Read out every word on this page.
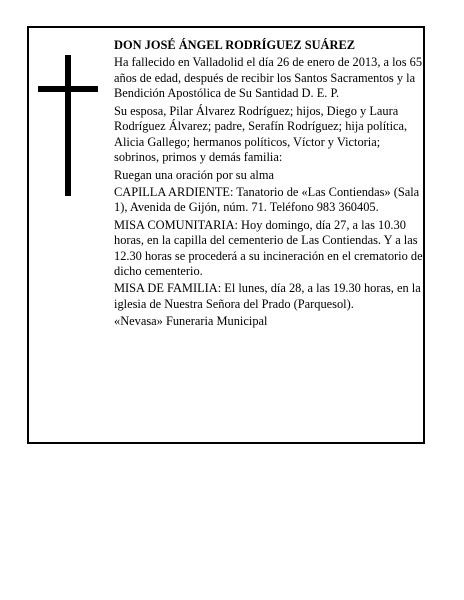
DON JOSÉ ÁNGEL RODRÍGUEZ SUÁREZ

Ha fallecido en Valladolid el día 26 de enero de 2013, a los 65 años de edad, después de recibir los Santos Sacramentos y la Bendición Apostólica de Su Santidad D. E. P.

Su esposa, Pilar Álvarez Rodríguez; hijos, Diego y Laura Rodríguez Álvarez; padre, Serafín Rodríguez; hija política, Alicia Gallego; hermanos políticos, Víctor y Victoria; sobrinos, primos y demás familia:

Ruegan una oración por su alma

CAPILLA ARDIENTE: Tanatorio de «Las Contiendas» (Sala 1), Avenida de Gijón, núm. 71. Teléfono 983 360405.

MISA COMUNITARIA: Hoy domingo, día 27, a las 10.30 horas, en la capilla del cementerio de Las Contiendas. Y a las 12.30 horas se procederá a su incineración en el crematorio de dicho cementerio.

MISA DE FAMILIA: El lunes, día 28, a las 19.30 horas, en la iglesia de Nuestra Señora del Prado (Parquesol).

«Nevasa» Funeraria Municipal
